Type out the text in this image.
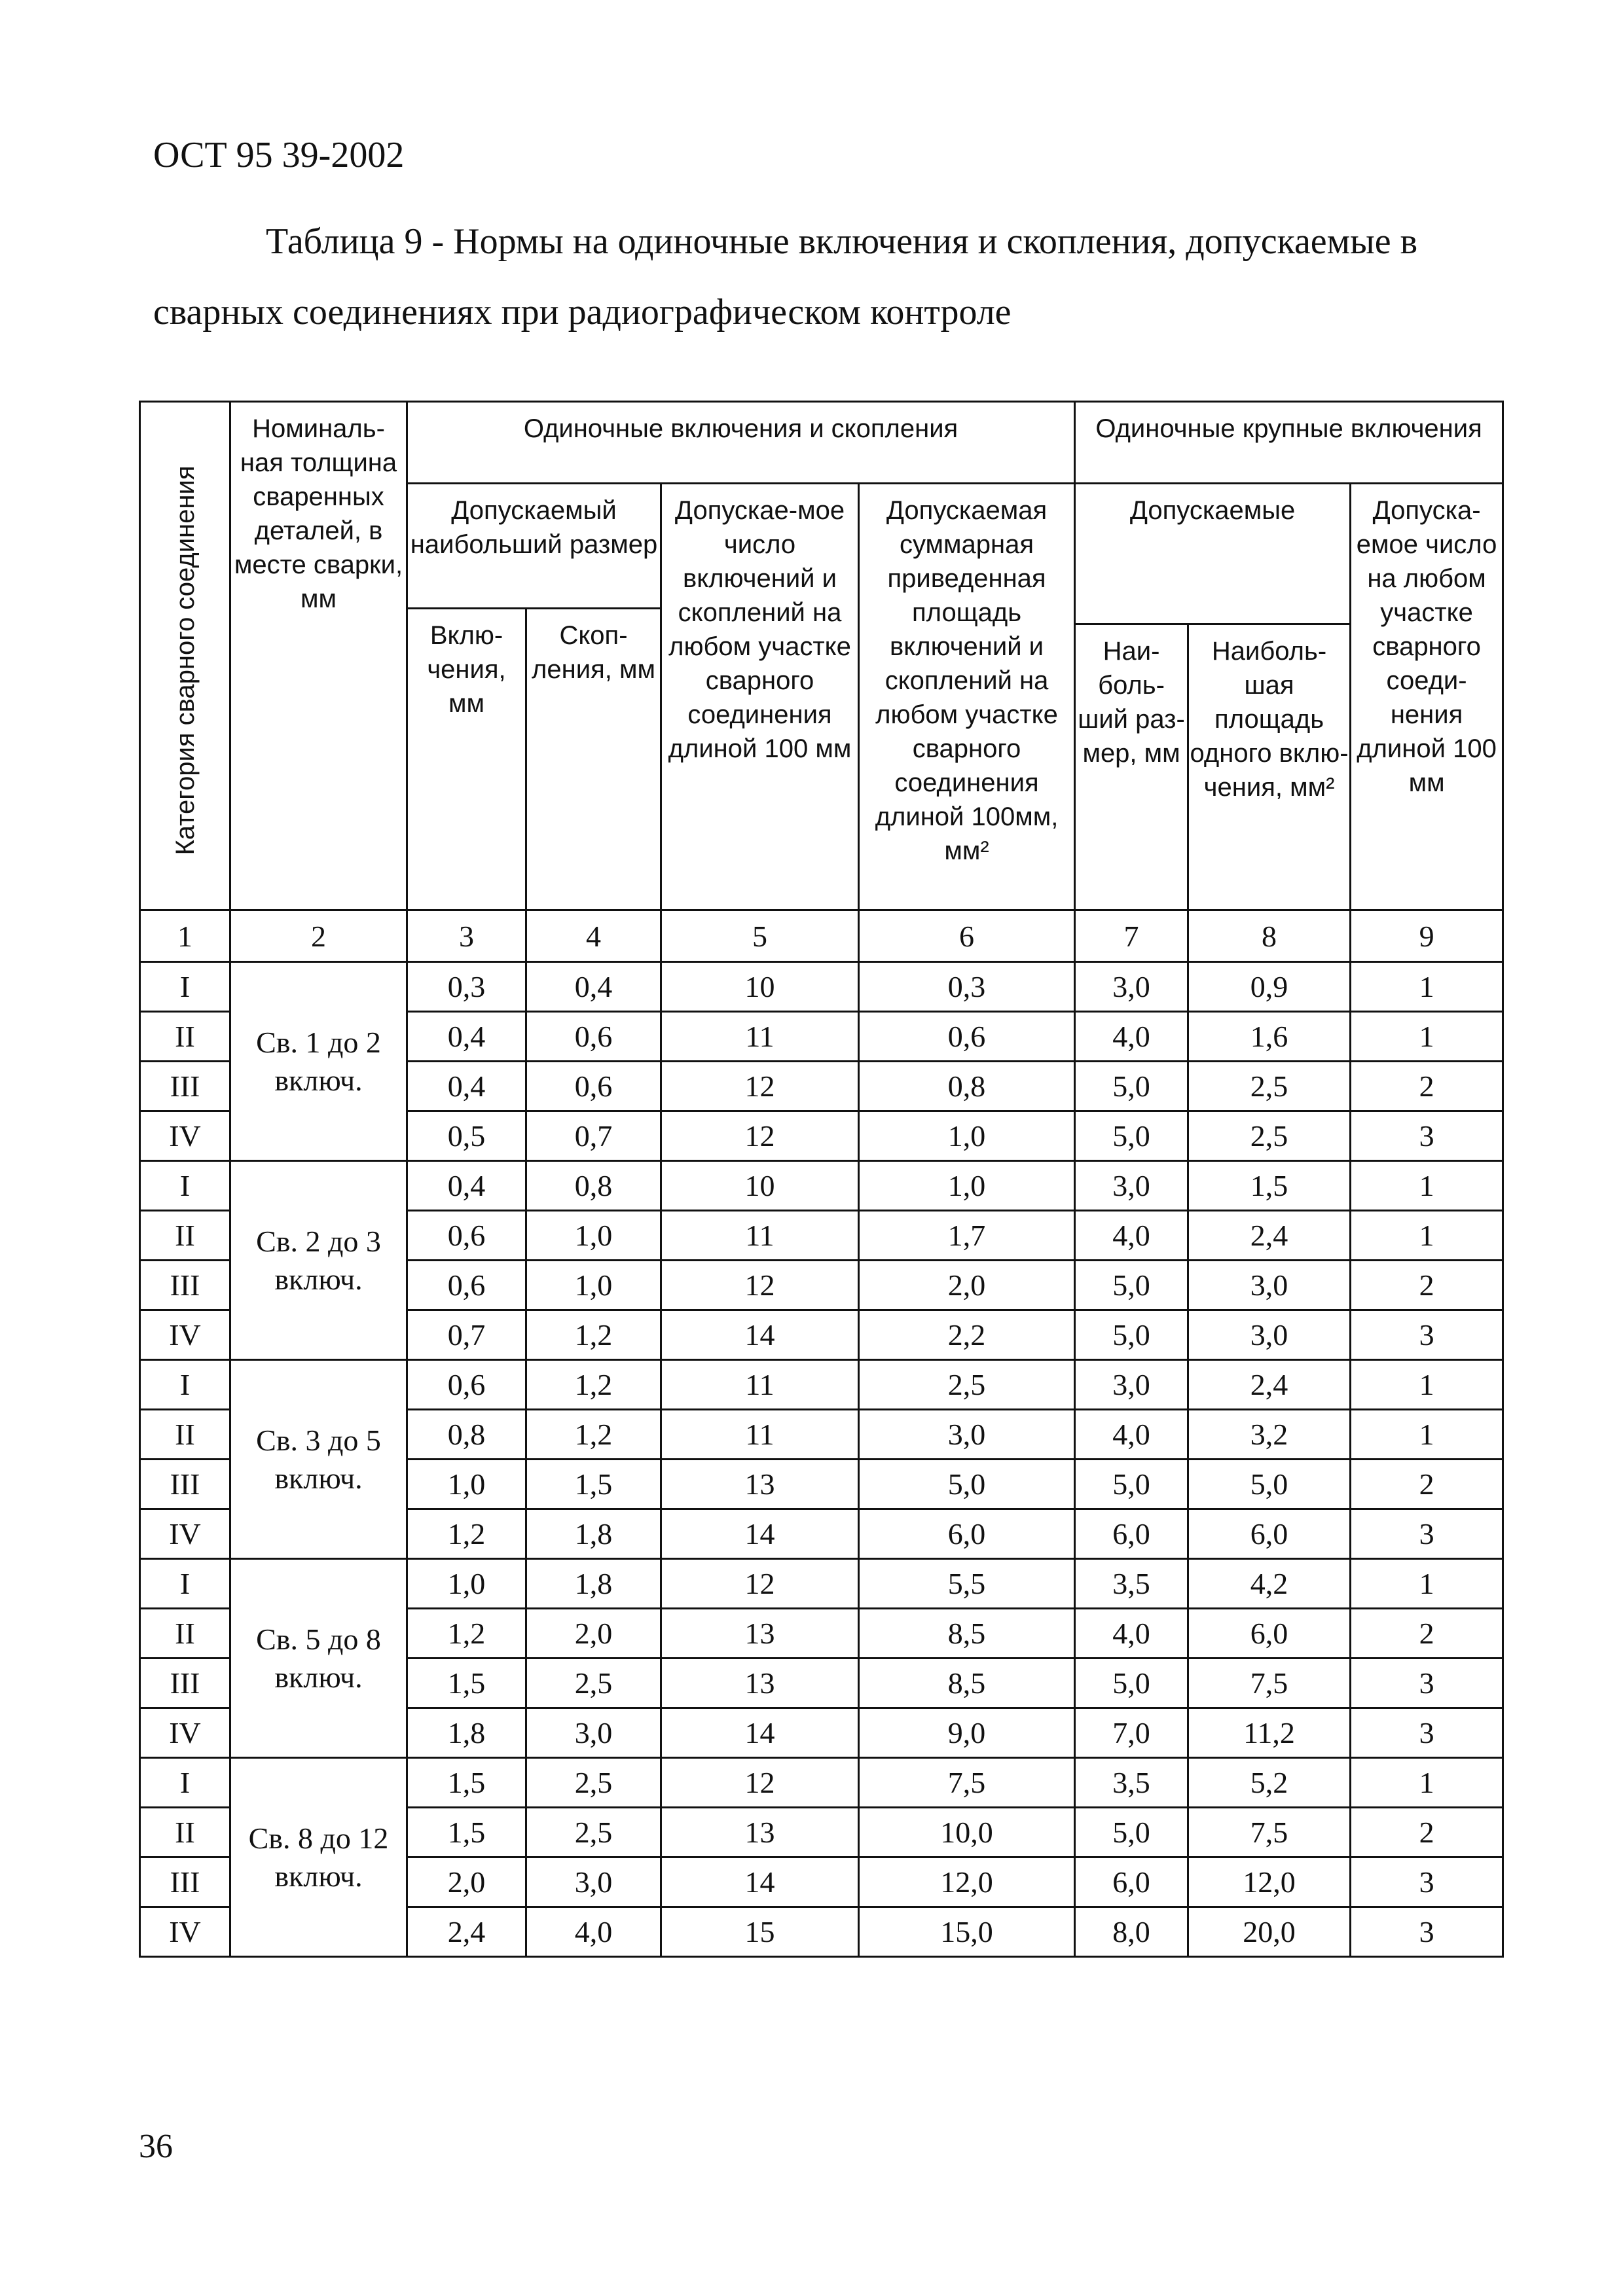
ОСТ 95 39-2002
Таблица 9 - Нормы на одиночные включения и скопления, допускаемые в сварных соединениях при радиографическом контроле
Категория сварного соединения	Номиналь-ная толщина сваренных деталей, в месте сварки, мм	Одиночные включения и скопления				Одиночные крупные включения		
		Допускаемый наибольший размер		Допускае-мое число включений и скоплений на любом участке сварного соединения длиной 100 мм	Допускаемая суммарная приведенная площадь включений и скоплений на любом участке сварного соединения длиной 100мм, мм²	Допускаемые		Допуска-емое число на любом участке сварного соеди-нения длиной 100 мм
		Вклю-чения, мм	Скоп-ления, мм					
						Наи-боль-ший раз-мер, мм	Наиболь-шая площадь одного вклю-чения, мм²	
1	2	3	4	5	6	7	8	9
I	Св. 1 до 2 включ.	0,3	0,4	10	0,3	3,0	0,9	1
II		0,4	0,6	11	0,6	4,0	1,6	1
III		0,4	0,6	12	0,8	5,0	2,5	2
IV		0,5	0,7	12	1,0	5,0	2,5	3
I	Св. 2 до 3 включ.	0,4	0,8	10	1,0	3,0	1,5	1
II		0,6	1,0	11	1,7	4,0	2,4	1
III		0,6	1,0	12	2,0	5,0	3,0	2
IV		0,7	1,2	14	2,2	5,0	3,0	3
I	Св. 3 до 5 включ.	0,6	1,2	11	2,5	3,0	2,4	1
II		0,8	1,2	11	3,0	4,0	3,2	1
III		1,0	1,5	13	5,0	5,0	5,0	2
IV		1,2	1,8	14	6,0	6,0	6,0	3
I	Св. 5 до 8 включ.	1,0	1,8	12	5,5	3,5	4,2	1
II		1,2	2,0	13	8,5	4,0	6,0	2
III		1,5	2,5	13	8,5	5,0	7,5	3
IV		1,8	3,0	14	9,0	7,0	11,2	3
I	Св. 8 до 12 включ.	1,5	2,5	12	7,5	3,5	5,2	1
II		1,5	2,5	13	10,0	5,0	7,5	2
III		2,0	3,0	14	12,0	6,0	12,0	3
IV		2,4	4,0	15	15,0	8,0	20,0	3
36
